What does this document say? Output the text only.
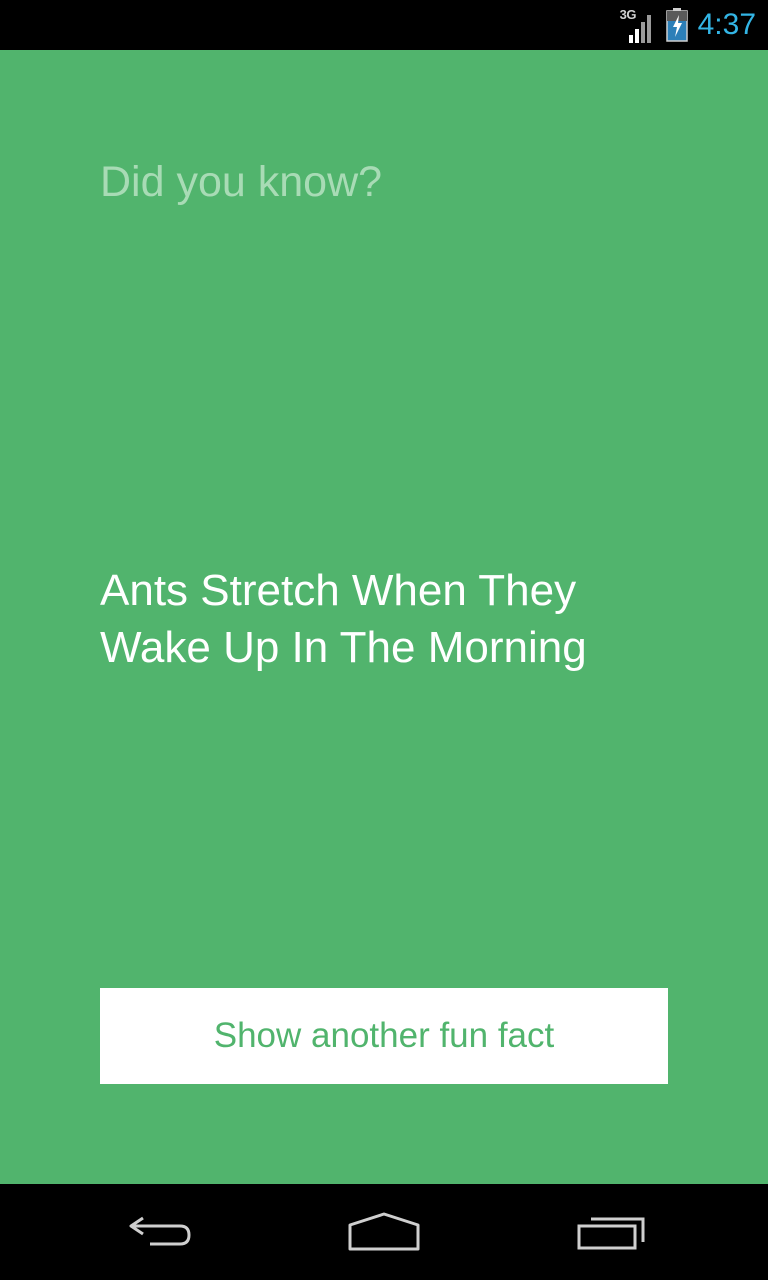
3G 4:37
Did you know?
Ants Stretch When They Wake Up In The Morning
Show another fun fact
